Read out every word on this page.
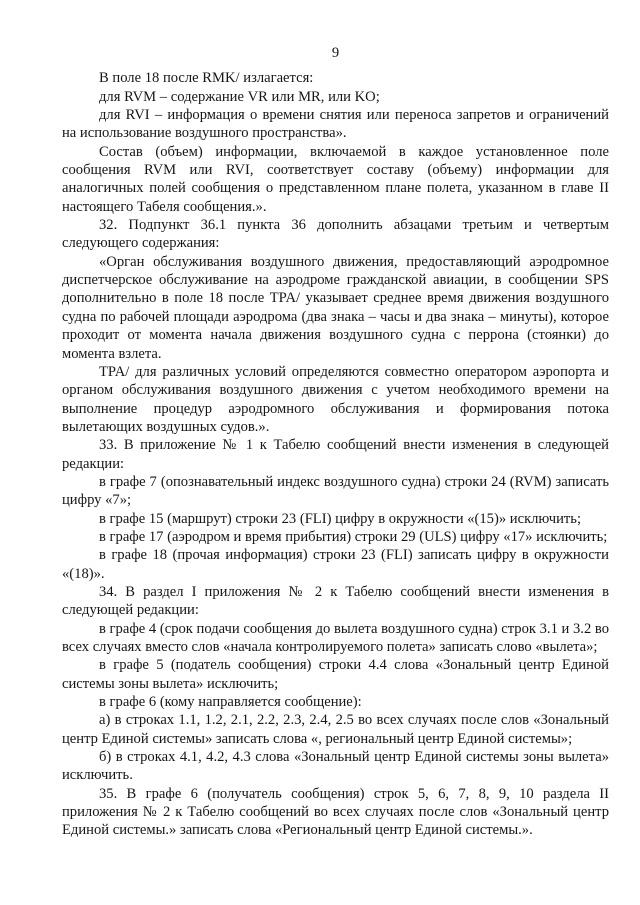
9

В поле 18 после RMK/ излагается:

для RVM – содержание VR или MR, или KO;

для RVI – информация о времени снятия или переноса запретов и ограничений на использование воздушного пространства».

Состав (объем) информации, включаемой в каждое установленное поле сообщения RVM или RVI, соответствует составу (объему) информации для аналогичных полей сообщения о представленном плане полета, указанном в главе II настоящего Табеля сообщения.».

32. Подпункт 36.1 пункта 36 дополнить абзацами третьим и четвертым следующего содержания:

«Орган обслуживания воздушного движения, предоставляющий аэродромное диспетчерское обслуживание на аэродроме гражданской авиации, в сообщении SPS дополнительно в поле 18 после TPA/ указывает среднее время движения воздушного судна по рабочей площади аэродрома (два знака – часы и два знака – минуты), которое проходит от момента начала движения воздушного судна с перрона (стоянки) до момента взлета.

TPA/ для различных условий определяются совместно оператором аэропорта и органом обслуживания воздушного движения с учетом необходимого времени на выполнение процедур аэродромного обслуживания и формирования потока вылетающих воздушных судов.».

33. В приложение № 1 к Табелю сообщений внести изменения в следующей редакции:

в графе 7 (опознавательный индекс воздушного судна) строки 24 (RVM) записать цифру «7»;

в графе 15 (маршрут) строки 23 (FLI) цифру в окружности «(15)» исключить;

в графе 17 (аэродром и время прибытия) строки 29 (ULS) цифру «17» исключить;

в графе 18 (прочая информация) строки 23 (FLI) записать цифру в окружности «(18)».

34. В раздел I приложения № 2 к Табелю сообщений внести изменения в следующей редакции:

в графе 4 (срок подачи сообщения до вылета воздушного судна) строк 3.1 и 3.2 во всех случаях вместо слов «начала контролируемого полета» записать слово «вылета»;

в графе 5 (податель сообщения) строки 4.4 слова «Зональный центр Единой системы зоны вылета» исключить;

в графе 6 (кому направляется сообщение):

а) в строках 1.1, 1.2, 2.1, 2.2, 2.3, 2.4, 2.5 во всех случаях после слов «Зональный центр Единой системы» записать слова «, региональный центр Единой системы»;

б) в строках 4.1, 4.2, 4.3 слова «Зональный центр Единой системы зоны вылета» исключить.

35. В графе 6 (получатель сообщения) строк 5, 6, 7, 8, 9, 10 раздела II приложения № 2 к Табелю сообщений во всех случаях после слов «Зональный центр Единой системы.» записать слова «Региональный центр Единой системы.».
